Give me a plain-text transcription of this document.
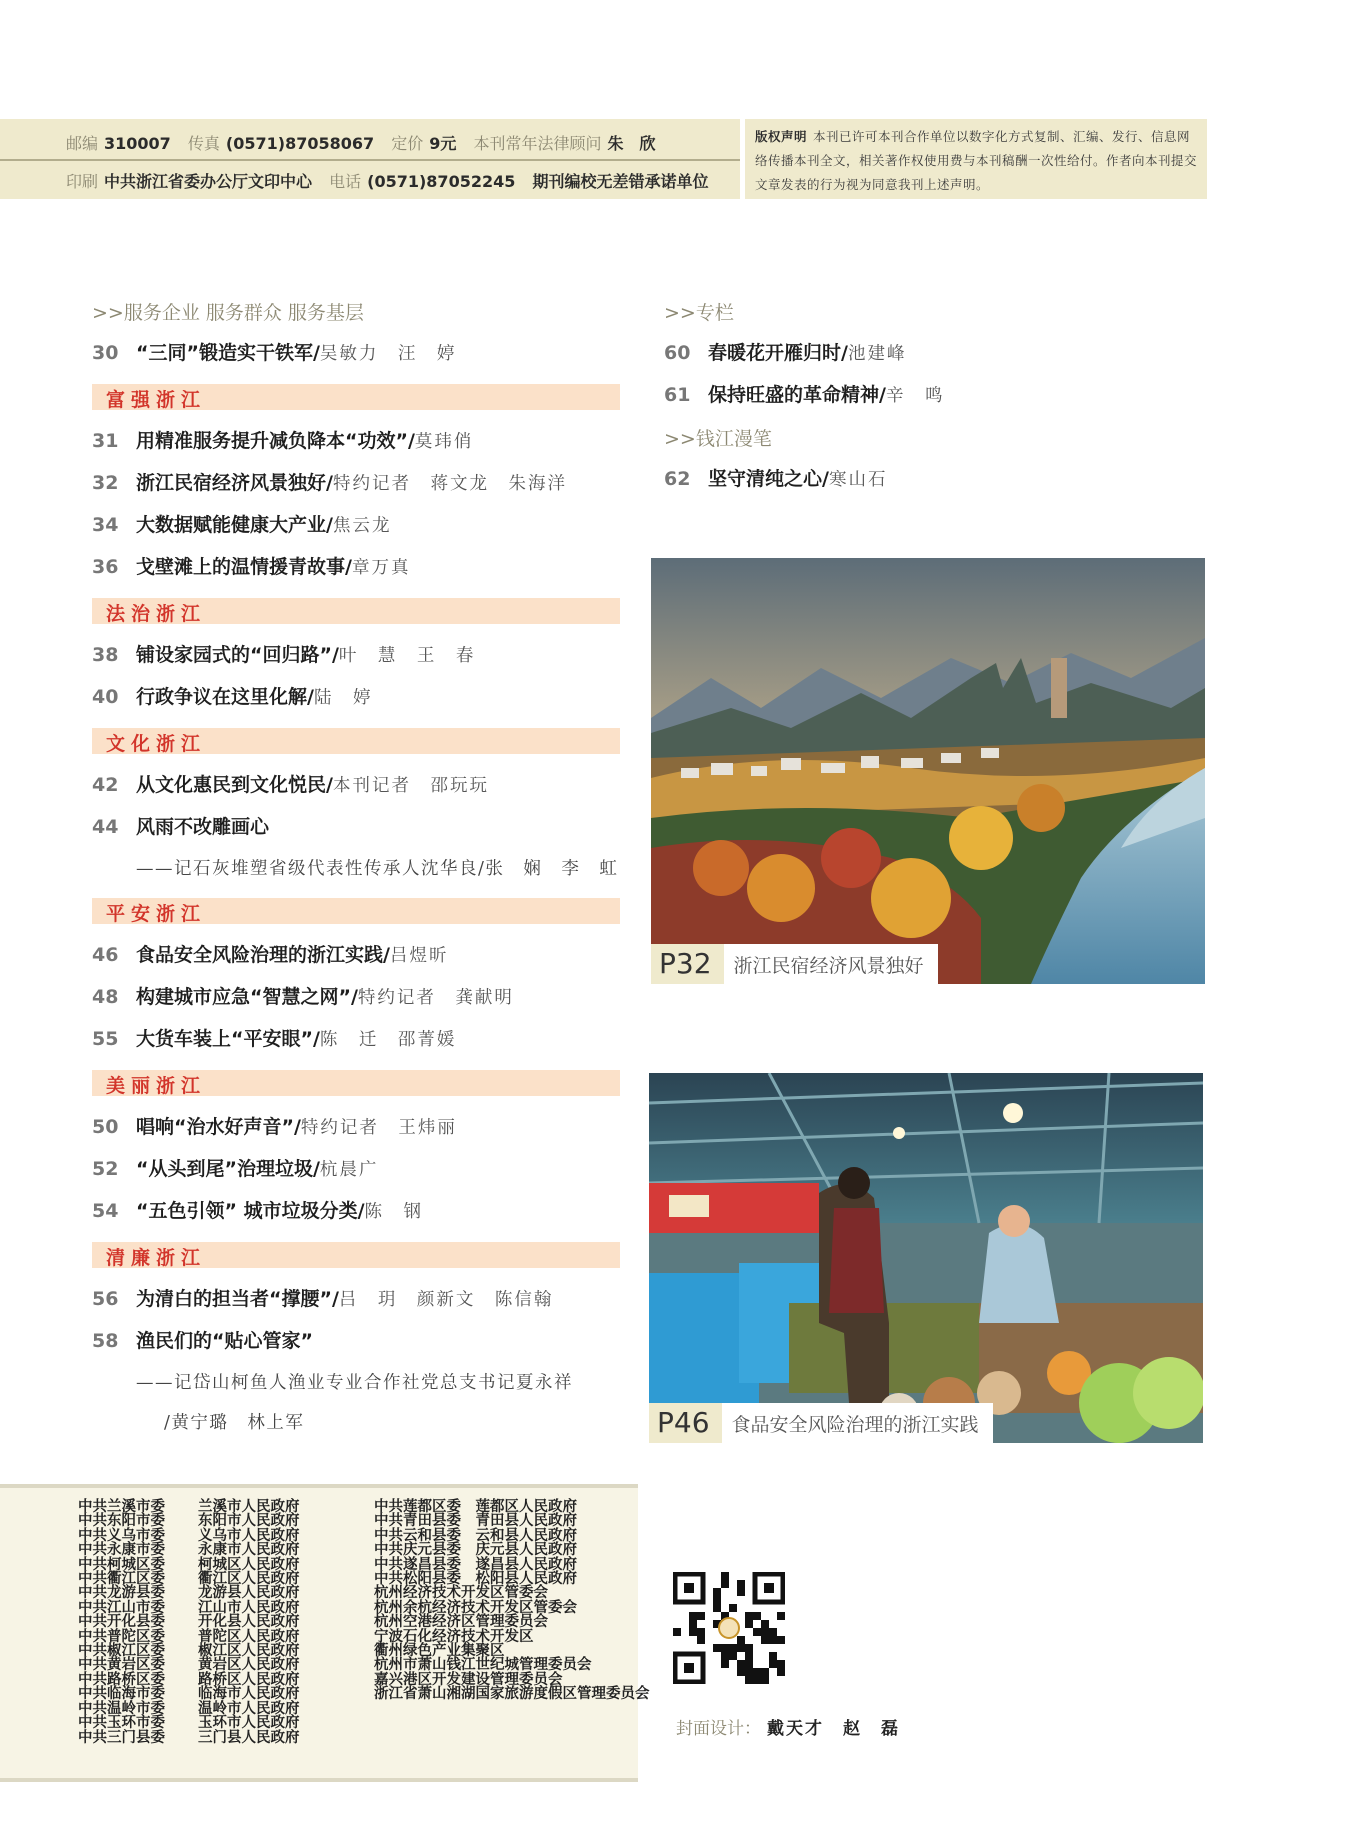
邮编 310007 传真 (0571)87058067 定价 9元 本刊常年法律顾问 朱　欣
印刷 中共浙江省委办公厅文印中心 电话 (0571)87052245 期刊编校无差错承诺单位
版权声明 本刊已许可本刊合作单位以数字化方式复制、汇编、发行、信息网络传播本刊全文，相关著作权使用费与本刊稿酬一次性给付。作者向本刊提交文章发表的行为视为同意我刊上述声明。
>>服务企业 服务群众 服务基层
30 “三同”锻造实干铁军/吴敏力　汪　婷
富强浙江
31 用精准服务提升减负降本“功效”/莫玮俏
32 浙江民宿经济风景独好/特约记者　蒋文龙　朱海洋
34 大数据赋能健康大产业/焦云龙
36 戈壁滩上的温情援青故事/章万真
法治浙江
38 铺设家园式的“回归路”/叶　慧　王　春
40 行政争议在这里化解/陆　婷
文化浙江
42 从文化惠民到文化悦民/本刊记者　邵玩玩
44 风雨不改雕画心
——记石灰堆塑省级代表性传承人沈华良/张　娴　李　虹
平安浙江
46 食品安全风险治理的浙江实践/吕煜昕
48 构建城市应急“智慧之网”/特约记者　龚献明
55 大货车装上“平安眼”/陈　迁　邵菁媛
美丽浙江
50 唱响“治水好声音”/特约记者　王炜丽
52 “从头到尾”治理垃圾/杭晨广
54 “五色引领” 城市垃圾分类/陈　钢
清廉浙江
56 为清白的担当者“撑腰”/吕　玥　颜新文　陈信翰
58 渔民们的“贴心管家”
——记岱山柯鱼人渔业专业合作社党总支书记夏永祥
/黄宁璐　林上军
>>专栏
60 春暖花开雁归时/池建峰
61 保持旺盛的革命精神/辛　鸣
>>钱江漫笔
62 坚守清纯之心/寒山石
P32	浙江民宿经济风景独好
P46	食品安全风险治理的浙江实践
中共兰溪市委
中共东阳市委
中共义乌市委
中共永康市委
中共柯城区委
中共衢江区委
中共龙游县委
中共江山市委
中共开化县委
中共普陀区委
中共椒江区委
中共黄岩区委
中共路桥区委
中共临海市委
中共温岭市委
中共玉环市委
中共三门县委
兰溪市人民政府
东阳市人民政府
义乌市人民政府
永康市人民政府
柯城区人民政府
衢江区人民政府
龙游县人民政府
江山市人民政府
开化县人民政府
普陀区人民政府
椒江区人民政府
黄岩区人民政府
路桥区人民政府
临海市人民政府
温岭市人民政府
玉环市人民政府
三门县人民政府
中共莲都区委　莲都区人民政府
中共青田县委　青田县人民政府
中共云和县委　云和县人民政府
中共庆元县委　庆元县人民政府
中共遂昌县委　遂昌县人民政府
中共松阳县委　松阳县人民政府
杭州经济技术开发区管委会
杭州余杭经济技术开发区管委会
杭州空港经济区管理委员会
宁波石化经济技术开发区
衢州绿色产业集聚区
杭州市萧山钱江世纪城管理委员会
嘉兴港区开发建设管理委员会
浙江省萧山湘湖国家旅游度假区管理委员会
封面设计： 戴天才　赵　磊
